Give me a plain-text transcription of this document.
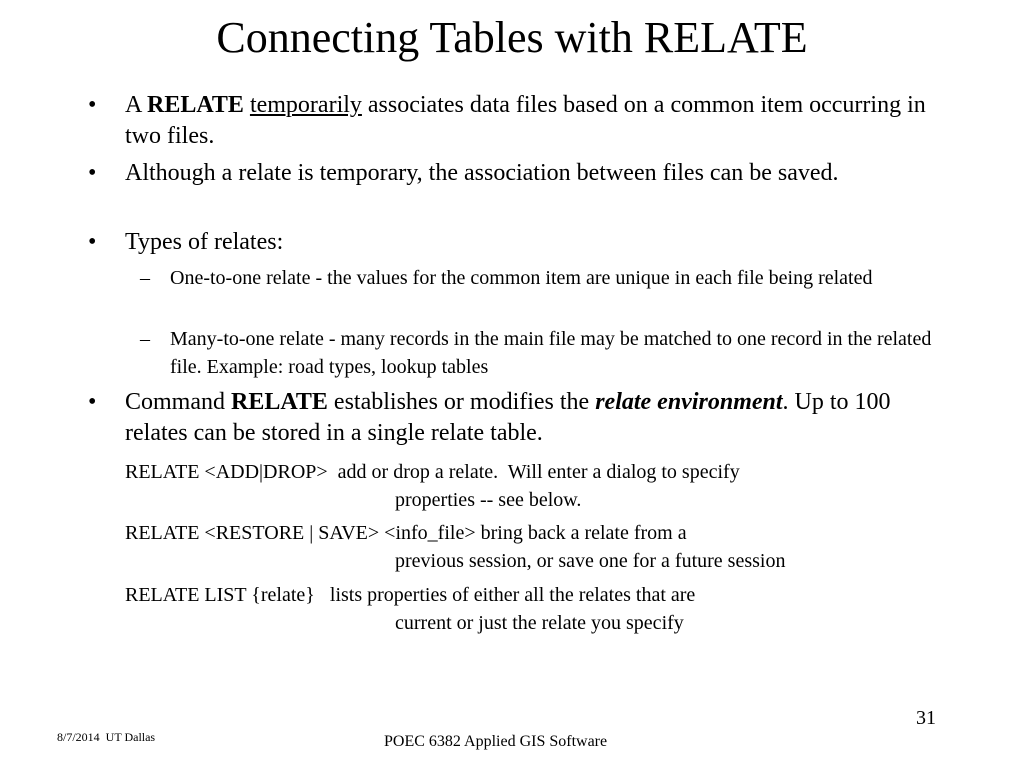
Connecting Tables with RELATE
• A RELATE temporarily associates data files based on a common item occurring in two files.
• Although a relate is temporary, the association between files can be saved.
• Types of relates:
– One-to-one relate - the values for the common item are unique in each file being related
– Many-to-one relate - many records in the main file may be matched to one record in the related file. Example: road types, lookup tables
• Command RELATE establishes or modifies the relate environment. Up to 100 relates can be stored in a single relate table.
RELATE <ADD|DROP>  add or drop a relate.  Will enter a dialog to specify
properties -- see below.
RELATE <RESTORE | SAVE> <info_file> bring back a relate from a
previous session, or save one for a future session
RELATE LIST {relate}   lists properties of either all the relates that are
current or just the relate you specify
31
8/7/2014  UT Dallas	POEC 6382 Applied GIS Software
